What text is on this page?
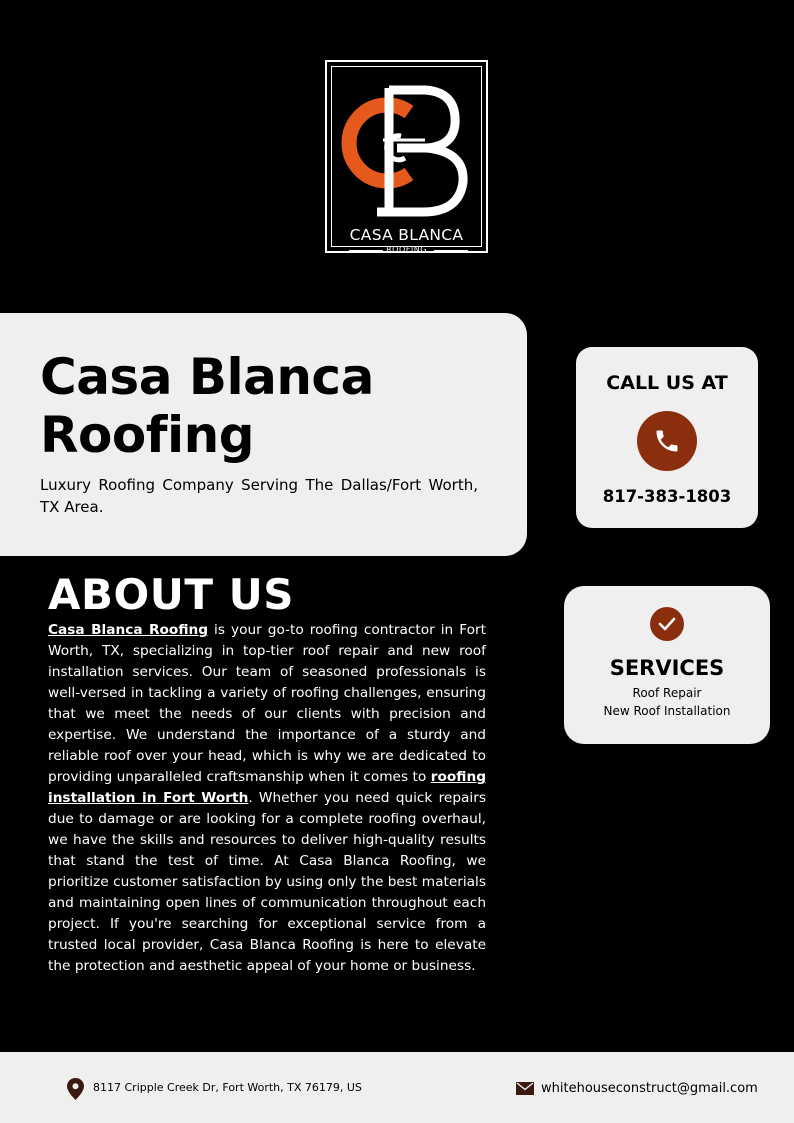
CASA BLANCA
ROOFING
Casa Blanca Roofing
Luxury Roofing Company Serving The Dallas/Fort Worth, TX Area.
CALL US AT
817-383-1803
SERVICES
Roof Repair
New Roof Installation
ABOUT US
Casa Blanca Roofing is your go-to roofing contractor in Fort Worth, TX, specializing in top-tier roof repair and new roof installation services. Our team of seasoned professionals is well-versed in tackling a variety of roofing challenges, ensuring that we meet the needs of our clients with precision and expertise. We understand the importance of a sturdy and reliable roof over your head, which is why we are dedicated to providing unparalleled craftsmanship when it comes to roofing installation in Fort Worth. Whether you need quick repairs due to damage or are looking for a complete roofing overhaul, we have the skills and resources to deliver high-quality results that stand the test of time. At Casa Blanca Roofing, we prioritize customer satisfaction by using only the best materials and maintaining open lines of communication throughout each project. If you're searching for exceptional service from a trusted local provider, Casa Blanca Roofing is here to elevate the protection and aesthetic appeal of your home or business.
8117 Cripple Creek Dr, Fort Worth, TX 76179, US	whitehouseconstruct@gmail.com
